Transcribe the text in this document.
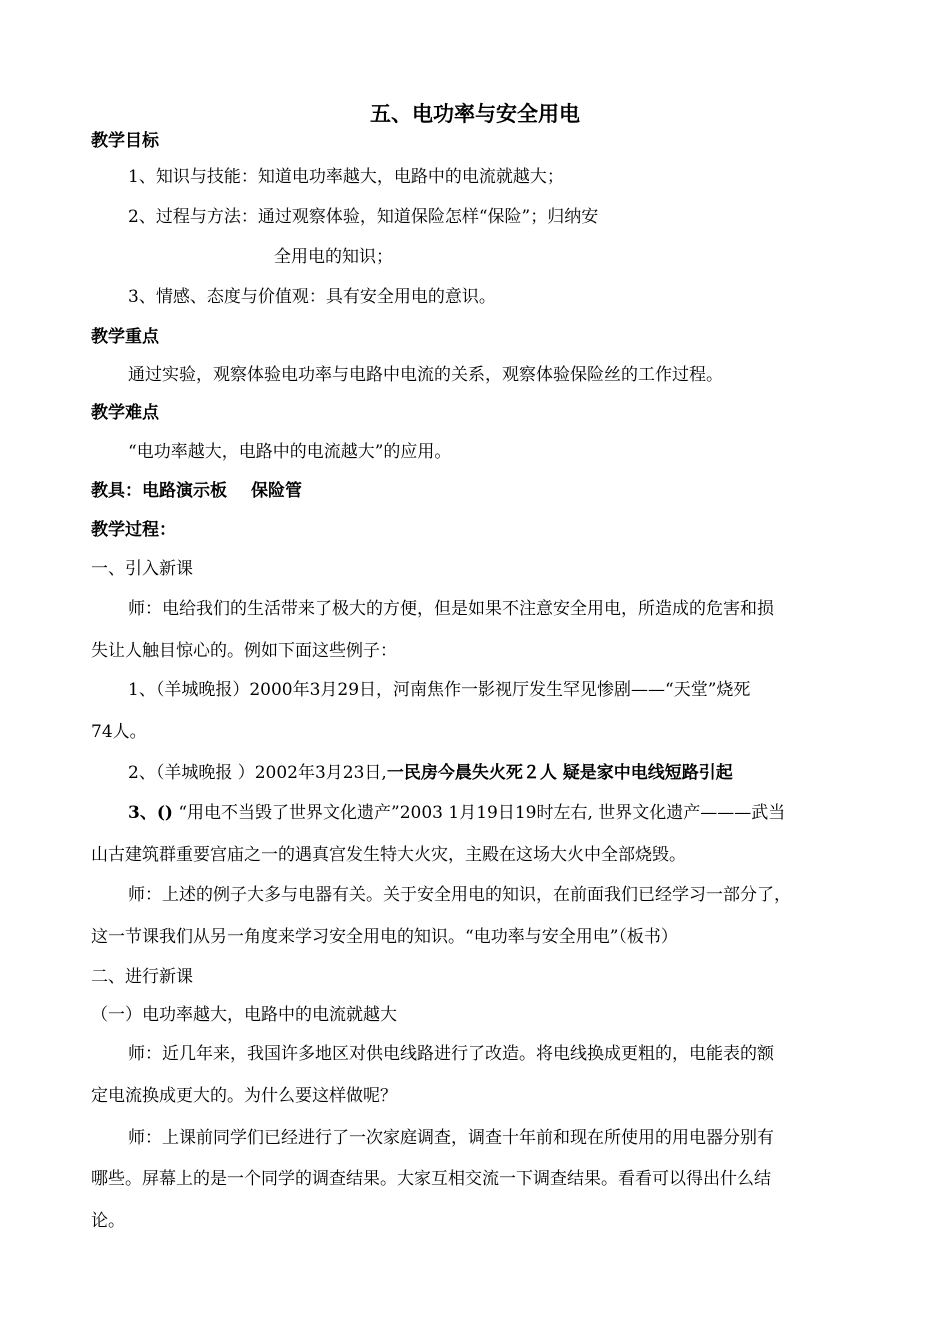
五、电功率与安全用电
教学目标
1、知识与技能：知道电功率越大，电路中的电流就越大；
2、过程与方法：通过观察体验，知道保险怎样“保险”；归纳安
全用电的知识；
3、情感、态度与价值观：具有安全用电的意识。
教学重点
通过实验，观察体验电功率与电路中电流的关系，观察体验保险丝的工作过程。
教学难点
“电功率越大，电路中的电流越大”的应用。
教具：电路演示板 保险管
教学过程：
一、引入新课
师：电给我们的生活带来了极大的方便，但是如果不注意安全用电，所造成的危害和损
失让人触目惊心的。例如下面这些例子：
1、（羊城晚报）2000年3月29日，河南焦作一影视厅发生罕见惨剧——“天堂”烧死
74人。
2、（羊城晚报 ）2002年3月23日,一民房今晨失火死２人 疑是家中电线短路引起
3、() “用电不当毁了世界文化遗产”2003 1月19日19时左右, 世界文化遗产———武当
山古建筑群重要宫庙之一的遇真宫发生特大火灾，主殿在这场大火中全部烧毁。
师：上述的例子大多与电器有关。关于安全用电的知识，在前面我们已经学习一部分了，
这一节课我们从另一角度来学习安全用电的知识。“电功率与安全用电”（板书）
二、进行新课
（一）电功率越大，电路中的电流就越大
师：近几年来，我国许多地区对供电线路进行了改造。将电线换成更粗的，电能表的额
定电流换成更大的。为什么要这样做呢？
师：上课前同学们已经进行了一次家庭调查，调查十年前和现在所使用的用电器分别有
哪些。屏幕上的是一个同学的调查结果。大家互相交流一下调查结果。看看可以得出什么结
论。
